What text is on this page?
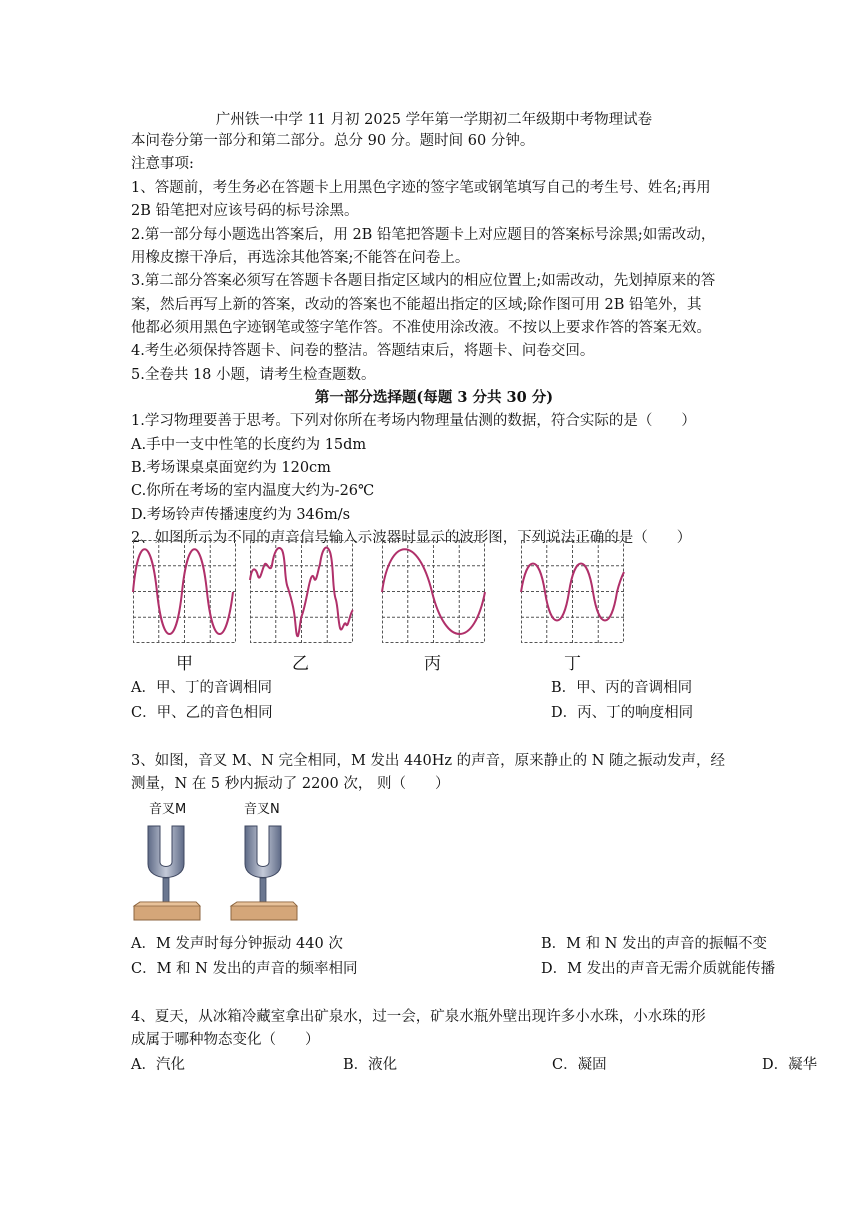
广州铁一中学 11 月初 2025 学年第一学期初二年级期中考物理试卷
本问卷分第一部分和第二部分。总分 90 分。题时间 60 分钟。
注意事项:
1、答题前，考生务必在答题卡上用黑色字迹的签字笔或钢笔填写自己的考生号、姓名;再用
2B 铅笔把对应该号码的标号涂黑。
2.第一部分每小题选出答案后，用 2B 铅笔把答题卡上对应题目的答案标号涂黑;如需改动，
用橡皮擦干净后，再选涂其他答案;不能答在问卷上。
3.第二部分答案必须写在答题卡各题目指定区域内的相应位置上;如需改动，先划掉原来的答
案，然后再写上新的答案，改动的答案也不能超出指定的区域;除作图可用 2B 铅笔外，其
他都必须用黑色字迹钢笔或签字笔作答。不准使用涂改液。不按以上要求作答的答案无效。
4.考生必须保持答题卡、问卷的整洁。答题结束后，将题卡、问卷交回。
5.全卷共 18 小题，请考生检查题数。
第一部分选择题(每题 3 分共 30 分)
1.学习物理要善于思考。下列对你所在考场内物理量估测的数据，符合实际的是（　　）
A.手中一支中性笔的长度约为 15dm
B.考场课桌桌面宽约为 120cm
C.你所在考场的室内温度大约为-26℃
D.考场铃声传播速度约为 346m/s
2、如图所示为不同的声音信号输入示波器时显示的波形图，下列说法正确的是（　　）
甲	乙	丙	丁
A．甲、丁的音调相同	B．甲、丙的音调相同
C．甲、乙的音色相同	D．丙、丁的响度相同
3、如图，音叉 M、N 完全相同，M 发出 440Hz 的声音，原来静止的 N 随之振动发声，经
测量，N 在 5 秒内振动了 2200 次， 则（　　）
音叉M	音叉N
A．M 发声时每分钟振动 440 次	B．M 和 N 发出的声音的振幅不变
C．M 和 N 发出的声音的频率相同	D．M 发出的声音无需介质就能传播
4、夏天，从冰箱冷藏室拿出矿泉水，过一会，矿泉水瓶外壁出现许多小水珠，小水珠的形
成属于哪种物态变化（　　）
A．汽化	B．液化	C．凝固	D．凝华
